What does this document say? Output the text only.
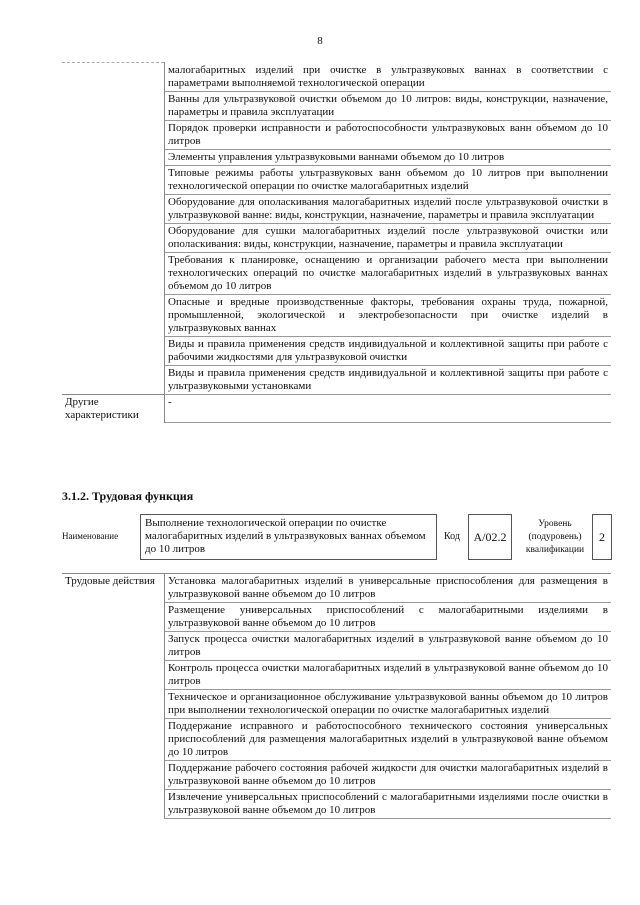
8
	малогабаритных изделий при очистке в ультразвуковых ваннах в соответствии с параметрами выполняемой технологической операции
	Ванны для ультразвуковой очистки объемом до 10 литров: виды, конструкции, назначение, параметры и правила эксплуатации
	Порядок проверки исправности и работоспособности ультразвуковых ванн объемом до 10 литров
	Элементы управления ультразвуковыми ваннами объемом до 10 литров
	Типовые режимы работы ультразвуковых ванн объемом до 10 литров при выполнении технологической операции по очистке малогабаритных изделий
	Оборудование для ополаскивания малогабаритных изделий после ультразвуковой очистки в ультразвуковой ванне: виды, конструкции, назначение, параметры и правила эксплуатации
	Оборудование для сушки малогабаритных изделий после ультразвуковой очистки или ополаскивания: виды, конструкции, назначение, параметры и правила эксплуатации
	Требования к планировке, оснащению и организации рабочего места при выполнении технологических операций по очистке малогабаритных изделий в ультразвуковых ваннах объемом до 10 литров
	Опасные и вредные производственные факторы, требования охраны труда, пожарной, промышленной, экологической и электробезопасности при очистке изделий в ультразвуковых ваннах
	Виды и правила применения средств индивидуальной и коллективной защиты при работе с рабочими жидкостями для ультразвуковой очистки
	Виды и правила применения средств индивидуальной и коллективной защиты при работе с ультразвуковыми установками
Другие характеристики	-
3.1.2. Трудовая функция
Наименование
Выполнение технологической операции по очистке малогабаритных изделий в ультразвуковых ваннах объемом до 10 литров
Код	А/02.2
Уровень (подуровень) квалификации
2
Трудовые действия	Установка малогабаритных изделий в универсальные приспособления для размещения в ультразвуковой ванне объемом до 10 литров
Размещение универсальных приспособлений с малогабаритными изделиями в ультразвуковой ванне объемом до 10 литров
Запуск процесса очистки малогабаритных изделий в ультразвуковой ванне объемом до 10 литров
Контроль процесса очистки малогабаритных изделий в ультразвуковой ванне объемом до 10 литров
Техническое и организационное обслуживание ультразвуковой ванны объемом до 10 литров при выполнении технологической операции по очистке малогабаритных изделий
Поддержание исправного и работоспособного технического состояния универсальных приспособлений для размещения малогабаритных изделий в ультразвуковой ванне объемом до 10 литров
Поддержание рабочего состояния рабочей жидкости для очистки малогабаритных изделий в ультразвуковой ванне объемом до 10 литров
Извлечение универсальных приспособлений с малогабаритными изделиями после очистки в ультразвуковой ванне объемом до 10 литров
